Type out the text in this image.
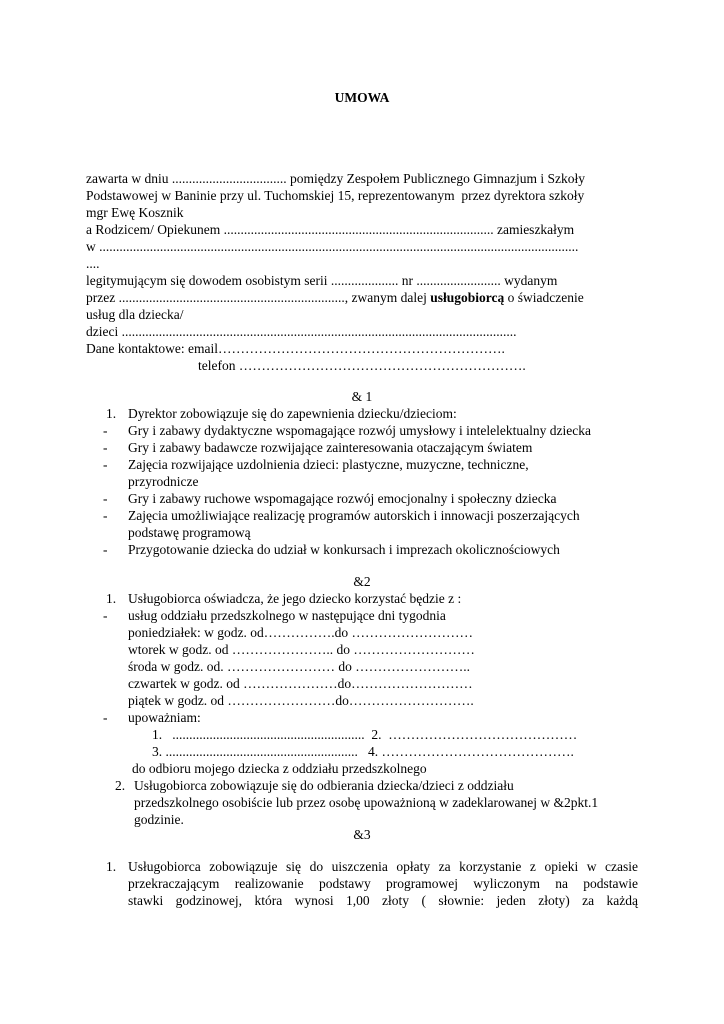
UMOWA
zawarta w dniu .................................. pomiędzy Zespołem Publicznego Gimnazjum i Szkoły
Podstawowej w Baninie przy ul. Tuchomskiej 15, reprezentowanym  przez dyrektora szkoły
mgr Ewę Kosznik
a Rodzicem/ Opiekunem ................................................................................ zamieszkałym
w ..............................................................................................................................................
....
legitymującym się dowodem osobistym serii .................... nr ......................... wydanym
przez ..................................................................., zwanym dalej usługobiorcą o świadczenie
usług dla dziecka/
dzieci .....................................................................................................................
Dane kontaktowe: email……………………………………………………….
telefon ……………………………………………………….
& 1
1. Dyrektor zobowiązuje się do zapewnienia dziecku/dzieciom:
- Gry i zabawy dydaktyczne wspomagające rozwój umysłowy i intelelektualny dziecka
- Gry i zabawy badawcze rozwijające zainteresowania otaczającym światem
- Zajęcia rozwijające uzdolnienia dzieci: plastyczne, muzyczne, techniczne,
przyrodnicze
- Gry i zabawy ruchowe wspomagające rozwój emocjonalny i społeczny dziecka
- Zajęcia umożliwiające realizację programów autorskich i innowacji poszerzających
podstawę programową
- Przygotowanie dziecka do udział w konkursach i imprezach okolicznościowych
&2
1. Usługobiorca oświadcza, że jego dziecko korzystać będzie z :
- usług oddziału przedszkolnego w następujące dni tygodnia
poniedziałek: w godz. od…………….do ………………………
wtorek w godz. od ………………….. do ………………………
środa w godz. od. …………………… do ……………………..
czwartek w godz. od …………………do………………………
piątek w godz. od ……………………do……………………….
- upoważniam:
1.   .........................................................  2.  ……………………………………
3. .........................................................   4. …………………………………….
do odbioru mojego dziecka z oddziału przedszkolnego
2. Usługobiorca zobowiązuje się do odbierania dziecka/dzieci z oddziału
przedszkolnego osobiście lub przez osobę upoważnioną w zadeklarowanej w &2pkt.1
godzinie.
&3
1. Usługobiorca zobowiązuje się do uiszczenia opłaty za korzystanie z opieki w czasie
przekraczającym realizowanie podstawy programowej wyliczonym na podstawie
stawki godzinowej, która wynosi 1,00 złoty ( słownie: jeden złoty) za każdą
